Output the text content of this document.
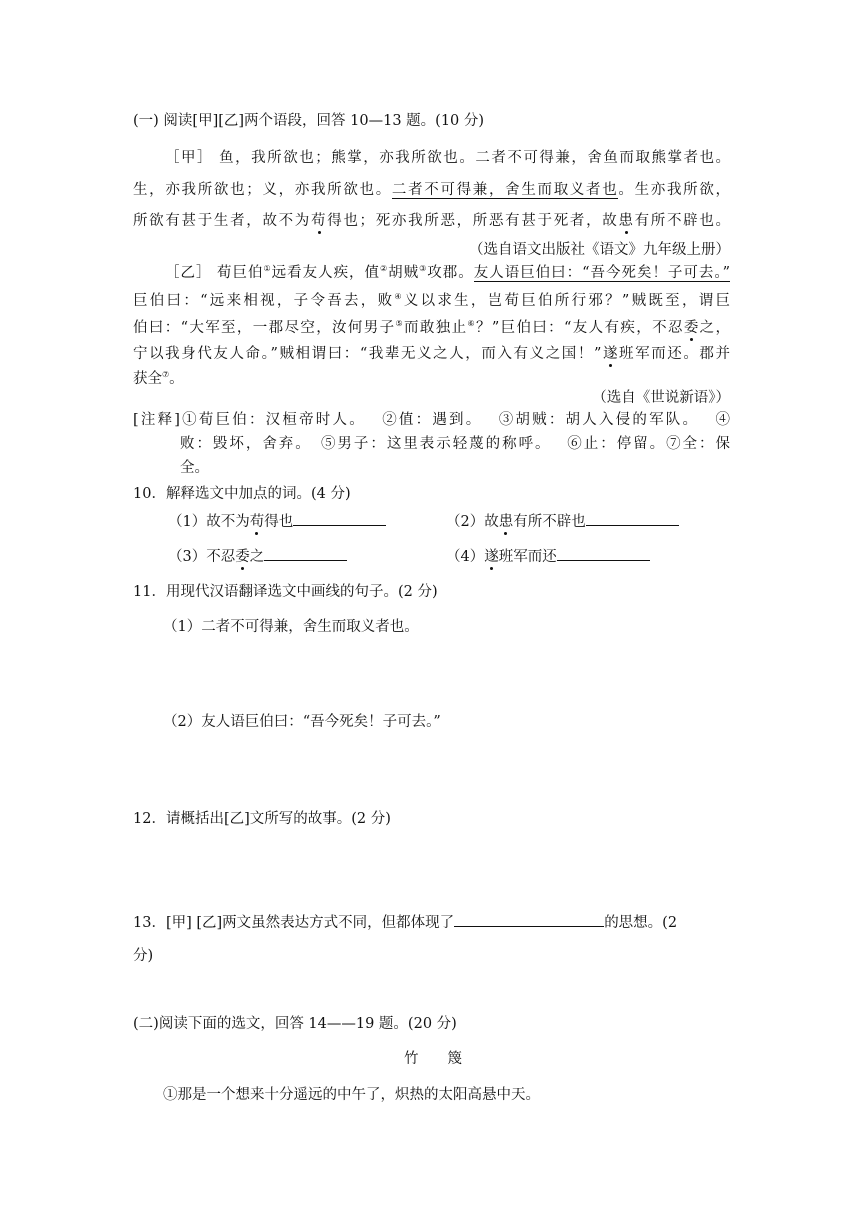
(一) 阅读[甲][乙]两个语段，回答 10—13 题。(10 分)
［甲］ 鱼，我所欲也；熊掌，亦我所欲也。二者不可得兼，舍鱼而取熊掌者也。
生，亦我所欲也；义，亦我所欲也。二者不可得兼，舍生而取义者也。生亦我所欲，
所欲有甚于生者，故不为苟得也；死亦我所恶，所恶有甚于死者，故患有所不辟也。
（选自语文出版社《语文》九年级上册）
［乙］ 荀巨伯①远看友人疾，值②胡贼③攻郡。友人语巨伯曰：“吾今死矣！子可去。”
巨伯曰：“远来相视，子令吾去，败④义以求生，岂荀巨伯所行邪？”贼既至，谓巨
伯曰：“大军至，一郡尽空，汝何男子⑤而敢独止⑥？”巨伯曰：“友人有疾，不忍委之，
宁以我身代友人命。”贼相谓曰：“我辈无义之人，而入有义之国！”遂班军而还。郡并
获全⑦。
（选自《世说新语》）
[注释]①荀巨伯：汉桓帝时人。　 ②值：遇到。　 ③胡贼：胡人入侵的军队。　 ④
败：毁坏，舍弃。　⑤男子：这里表示轻蔑的称呼。　 ⑥止：停留。⑦全：保
全。
10．解释选文中加点的词。(4 分)
（1）故不为苟得也	（2）故患有所不辟也
（3）不忍委之	（4）遂班军而还
11．用现代汉语翻译选文中画线的句子。(2 分)
（1）二者不可得兼，舍生而取义者也。
（2）友人语巨伯曰：“吾今死矣！子可去。”
12．请概括出[乙]文所写的故事。(2 分)
13．[甲] [乙]两文虽然表达方式不同，但都体现了	的思想。(2
分)
(二)阅读下面的选文，回答 14——19 题。(20 分)
竹　　篾
①那是一个想来十分遥远的中午了，炽热的太阳高悬中天。
